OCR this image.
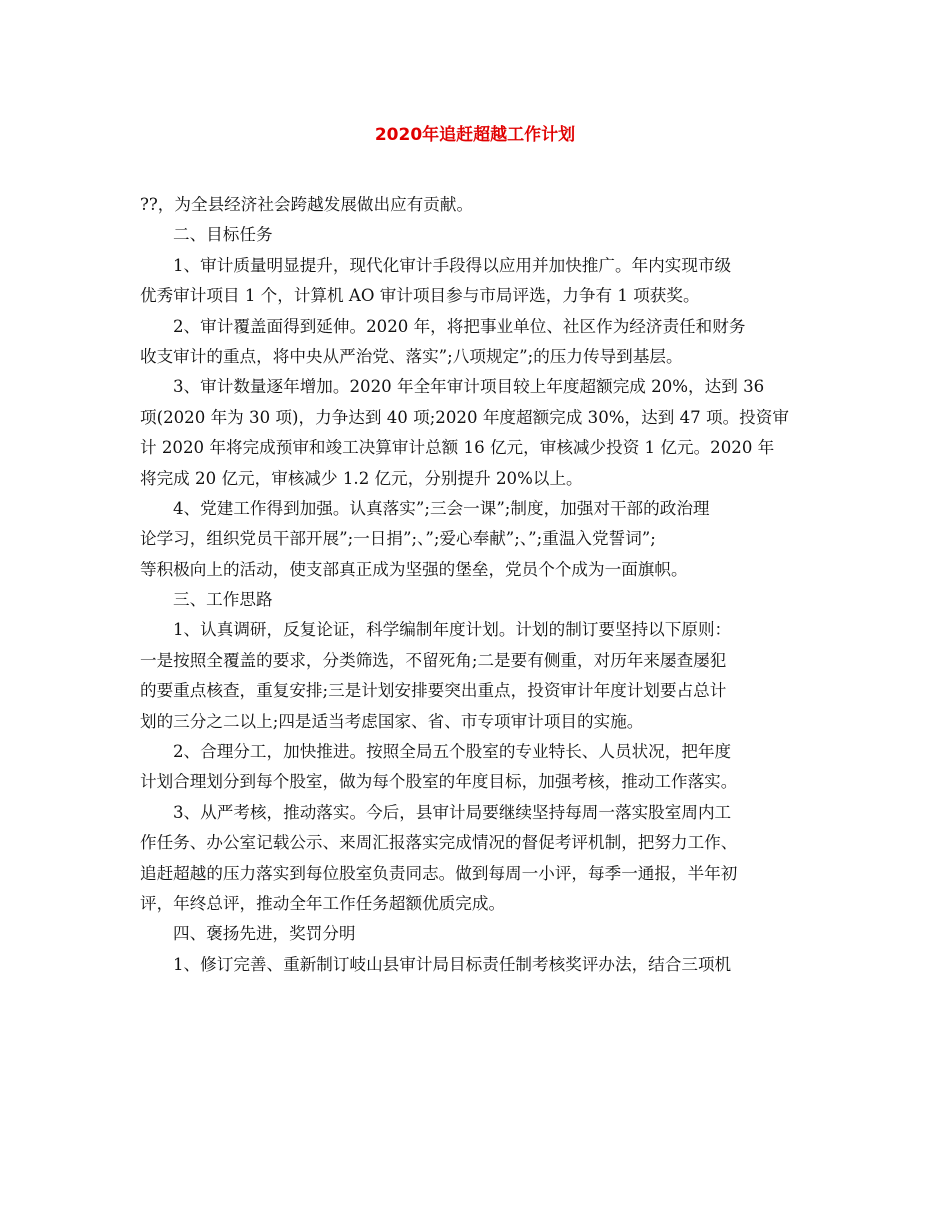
2020年追赶超越工作计划
??，为全县经济社会跨越发展做出应有贡献。
二、目标任务
1、审计质量明显提升，现代化审计手段得以应用并加快推广。年内实现市级
优秀审计项目 1 个，计算机 AO 审计项目参与市局评选，力争有 1 项获奖。
2、审计覆盖面得到延伸。2020 年，将把事业单位、社区作为经济责任和财务
收支审计的重点，将中央从严治党、落实”;八项规定”;的压力传导到基层。
3、审计数量逐年增加。2020 年全年审计项目较上年度超额完成 20%，达到 36
项(2020 年为 30 项)，力争达到 40 项;2020 年度超额完成 30%，达到 47 项。投资审
计 2020 年将完成预审和竣工决算审计总额 16 亿元，审核减少投资 1 亿元。2020 年
将完成 20 亿元，审核减少 1.2 亿元，分别提升 20%以上。
4、党建工作得到加强。认真落实”;三会一课”;制度，加强对干部的政治理
论学习，组织党员干部开展”;一日捐”;、”;爱心奉献”;、”;重温入党誓词”;
等积极向上的活动，使支部真正成为坚强的堡垒，党员个个成为一面旗帜。
三、工作思路
1、认真调研，反复论证，科学编制年度计划。计划的制订要坚持以下原则：
一是按照全覆盖的要求，分类筛选，不留死角;二是要有侧重，对历年来屡查屡犯
的要重点核查，重复安排;三是计划安排要突出重点，投资审计年度计划要占总计
划的三分之二以上;四是适当考虑国家、省、市专项审计项目的实施。
2、合理分工，加快推进。按照全局五个股室的专业特长、人员状况，把年度
计划合理划分到每个股室，做为每个股室的年度目标，加强考核，推动工作落实。
3、从严考核，推动落实。今后，县审计局要继续坚持每周一落实股室周内工
作任务、办公室记载公示、来周汇报落实完成情况的督促考评机制，把努力工作、
追赶超越的压力落实到每位股室负责同志。做到每周一小评，每季一通报，半年初
评，年终总评，推动全年工作任务超额优质完成。
四、褒扬先进，奖罚分明
1、修订完善、重新制订岐山县审计局目标责任制考核奖评办法，结合三项机
